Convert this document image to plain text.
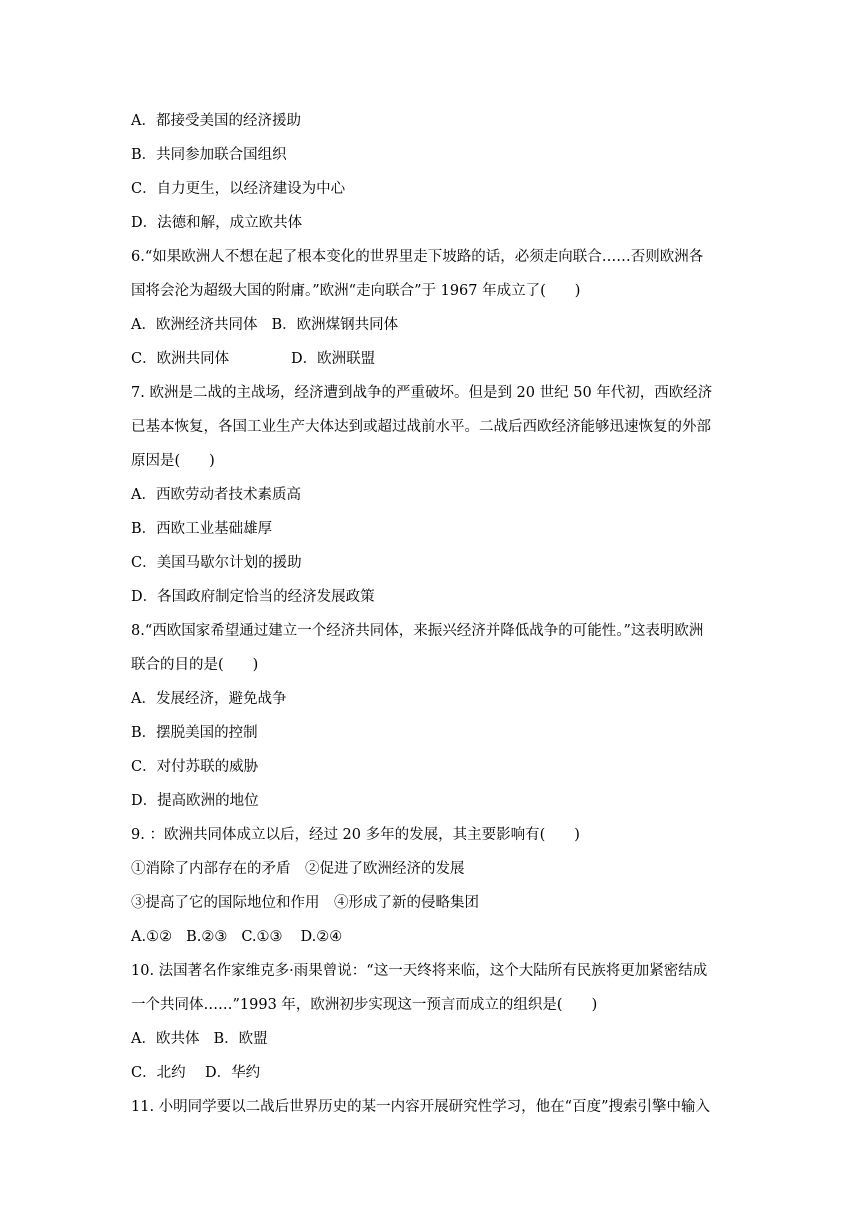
A．都接受美国的经济援助
B．共同参加联合国组织
C．自力更生，以经济建设为中心
D．法德和解，成立欧共体
6.“如果欧洲人不想在起了根本变化的世界里走下坡路的话，必须走向联合……否则欧洲各
国将会沦为超级大国的附庸。”欧洲“走向联合”于 1967 年成立了(　　)
A．欧洲经济共同体 B．欧洲煤钢共同体
C．欧洲共同体	D．欧洲联盟
7. 欧洲是二战的主战场，经济遭到战争的严重破坏。但是到 20 世纪 50 年代初，西欧经济
已基本恢复，各国工业生产大体达到或超过战前水平。二战后西欧经济能够迅速恢复的外部
原因是(　　)
A．西欧劳动者技术素质高
B．西欧工业基础雄厚
C．美国马歇尔计划的援助
D．各国政府制定恰当的经济发展政策
8.“西欧国家希望通过建立一个经济共同体，来振兴经济并降低战争的可能性。”这表明欧洲
联合的目的是(　　)
A．发展经济，避免战争
B．摆脱美国的控制
C．对付苏联的威胁
D．提高欧洲的地位
9. ：欧洲共同体成立以后，经过 20 多年的发展，其主要影响有(　　)
①消除了内部存在的矛盾　②促进了欧洲经济的发展
③提高了它的国际地位和作用　④形成了新的侵略集团
A.①② B.②③ C.①③ D.②④
10. 法国著名作家维克多·雨果曾说：“这一天终将来临，这个大陆所有民族将更加紧密结成
一个共同体……”1993 年，欧洲初步实现这一预言而成立的组织是(　　)
A．欧共体 B．欧盟
C．北约 D．华约
11. 小明同学要以二战后世界历史的某一内容开展研究性学习，他在“百度”搜索引擎中输入
